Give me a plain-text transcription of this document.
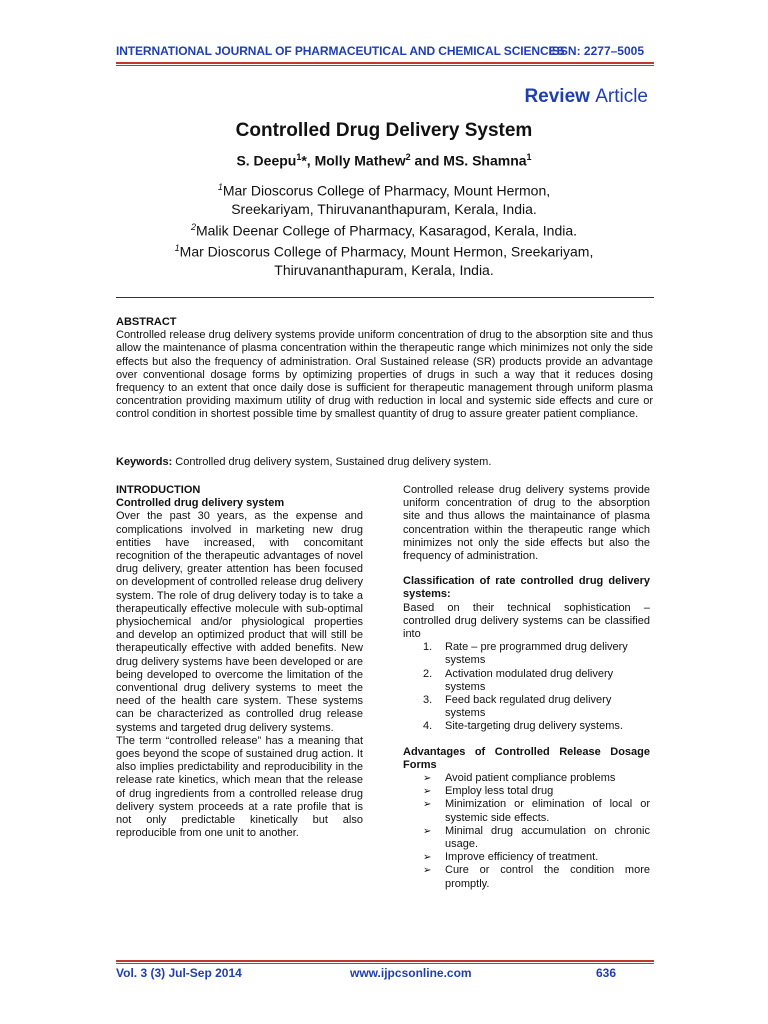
INTERNATIONAL JOURNAL OF PHARMACEUTICAL AND CHEMICAL SCIENCES
ISSN: 2277–5005
Review Article
Controlled Drug Delivery System
S. Deepu$^1$*, Molly Mathew$^2$ and MS. Shamna$^1$
$^1$Mar Dioscorus College of Pharmacy, Mount Hermon,
Sreekariyam, Thiruvananthapuram, Kerala, India.
$^2$Malik Deenar College of Pharmacy, Kasaragod, Kerala, India.
$^1$Mar Dioscorus College of Pharmacy, Mount Hermon, Sreekariyam,
Thiruvananthapuram, Kerala, India.
ABSTRACT
Controlled release drug delivery systems provide uniform concentration of drug to the absorption site and thus allow the maintenance of plasma concentration within the therapeutic range which minimizes not only the side effects but also the frequency of administration. Oral Sustained release (SR) products provide an advantage over conventional dosage forms by optimizing properties of drugs in such a way that it reduces dosing frequency to an extent that once daily dose is sufficient for therapeutic management through uniform plasma concentration providing maximum utility of drug with reduction in local and systemic side effects and cure or control condition in shortest possible time by smallest quantity of drug to assure greater patient compliance.
Keywords: Controlled drug delivery system, Sustained drug delivery system.
INTRODUCTION
Controlled drug delivery system
Over the past 30 years, as the expense and complications involved in marketing new drug entities have increased, with concomitant recognition of the therapeutic advantages of novel drug delivery, greater attention has been focused on development of controlled release drug delivery system. The role of drug delivery today is to take a therapeutically effective molecule with sub-optimal physiochemical and/or physiological properties and develop an optimized product that will still be therapeutically effective with added benefits. New drug delivery systems have been developed or are being developed to overcome the limitation of the conventional drug delivery systems to meet the need of the health care system. These systems can be characterized as controlled drug release systems and targeted drug delivery systems.
The term “controlled release” has a meaning that goes beyond the scope of sustained drug action. It also implies predictability and reproducibility in the release rate kinetics, which mean that the release of drug ingredients from a controlled release drug delivery system proceeds at a rate profile that is not only predictable kinetically but also reproducible from one unit to another.
Controlled release drug delivery systems provide uniform concentration of drug to the absorption site and thus allows the maintainance of plasma concentration within the therapeutic range which minimizes not only the side effects but also the frequency of administration.
Classification of rate controlled drug delivery systems:
Based on their technical sophistication – controlled drug delivery systems can be classified into
1. Rate – pre programmed drug delivery systems
2. Activation modulated drug delivery systems
3. Feed back regulated drug delivery systems
4. Site-targeting drug delivery systems.
Advantages of Controlled Release Dosage Forms
➢ Avoid patient compliance problems
➢ Employ less total drug
➢ Minimization or elimination of local or systemic side effects.
➢ Minimal drug accumulation on chronic usage.
➢ Improve efficiency of treatment.
➢ Cure or control the condition more promptly.
Vol. 3 (3) Jul-Sep 2014	www.ijpcsonline.com	636
